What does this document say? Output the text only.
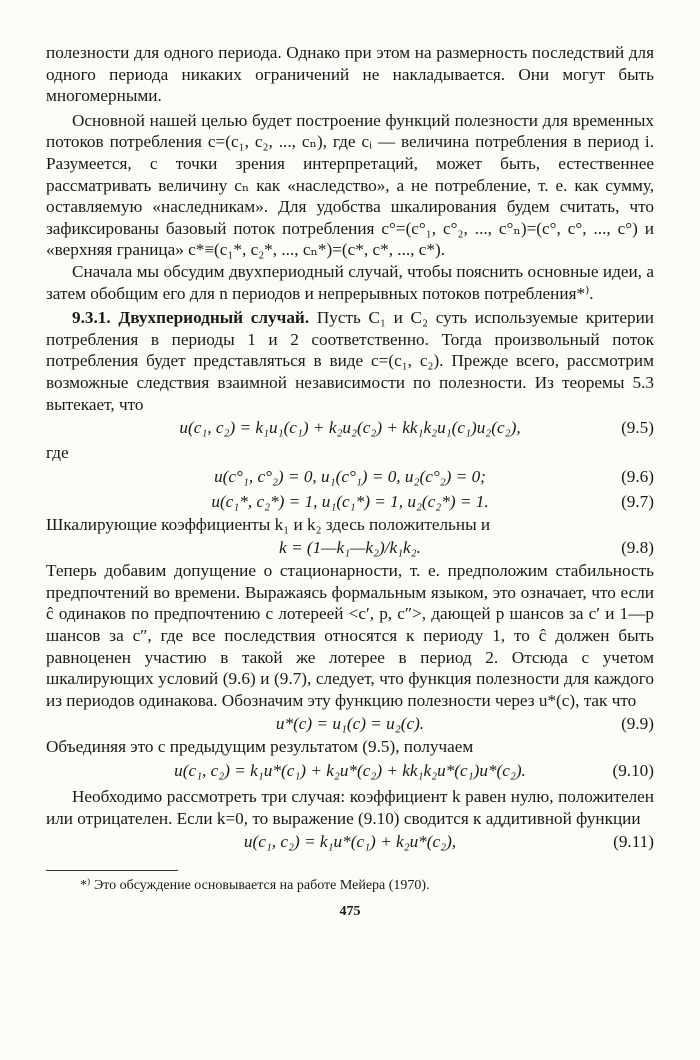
полезности для одного периода. Однако при этом на размерность последствий для одного периода никаких ограничений не накладывается. Они могут быть многомерными.

Основной нашей целью будет построение функций полезности для временных потоков потребления c=(c₁, c₂, ..., cₙ), где cᵢ — величина потребления в период i. Разумеется, с точки зрения интерпретаций, может быть, естественнее рассматривать величину cₙ как «наследство», а не потребление, т. е. как сумму, оставляемую «наследникам». Для удобства шкалирования будем считать, что зафиксированы базовый поток потребления c°=(c°₁, c°₂, ..., c°ₙ)=(c°, c°, ..., c°) и «верхняя граница» c*≡(c₁*, c₂*, ..., cₙ*)=(c*, c*, ..., c*).

Сначала мы обсудим двухпериодный случай, чтобы пояснить основные идеи, а затем обобщим его для n периодов и непрерывных потоков потребления*⁾.

9.3.1. Двухпериодный случай. Пусть C₁ и C₂ суть используемые критерии потребления в периоды 1 и 2 соответственно. Тогда произвольный поток потребления будет представляться в виде c=(c₁, c₂). Прежде всего, рассмотрим возможные следствия взаимной независимости по полезности. Из теоремы 5.3 вытекает, что

u(c₁, c₂) = k₁u₁(c₁) + k₂u₂(c₂) + kk₁k₂u₁(c₁)u₂(c₂),	(9.5)

где

u(c°₁, c°₂) = 0, u₁(c°₁) = 0, u₂(c°₂) = 0;	(9.6)
u(c₁*, c₂*) = 1, u₁(c₁*) = 1, u₂(c₂*) = 1.	(9.7)

Шкалирующие коэффициенты k₁ и k₂ здесь положительны и

k = (1—k₁—k₂)/k₁k₂.	(9.8)

Теперь добавим допущение о стационарности, т. е. предположим стабильность предпочтений во времени. Выражаясь формальным языком, это означает, что если ĉ одинаков по предпочтению с лотереей <c′, p, c″>, дающей p шансов за c′ и 1—p шансов за c″, где все последствия относятся к периоду 1, то ĉ должен быть равноценен участию в такой же лотерее в период 2. Отсюда с учетом шкалирующих условий (9.6) и (9.7), следует, что функция полезности для каждого из периодов одинакова. Обозначим эту функцию полезности через u*(c), так что

u*(c) = u₁(c) = u₂(c).	(9.9)

Объединяя это с предыдущим результатом (9.5), получаем

u(c₁, c₂) = k₁u*(c₁) + k₂u*(c₂) + kk₁k₂u*(c₁)u*(c₂).	(9.10)

Необходимо рассмотреть три случая: коэффициент k равен нулю, положителен или отрицателен. Если k=0, то выражение (9.10) сводится к аддитивной функции

u(c₁, c₂) = k₁u*(c₁) + k₂u*(c₂),	(9.11)

*⁾ Это обсуждение основывается на работе Мейера (1970).

475
